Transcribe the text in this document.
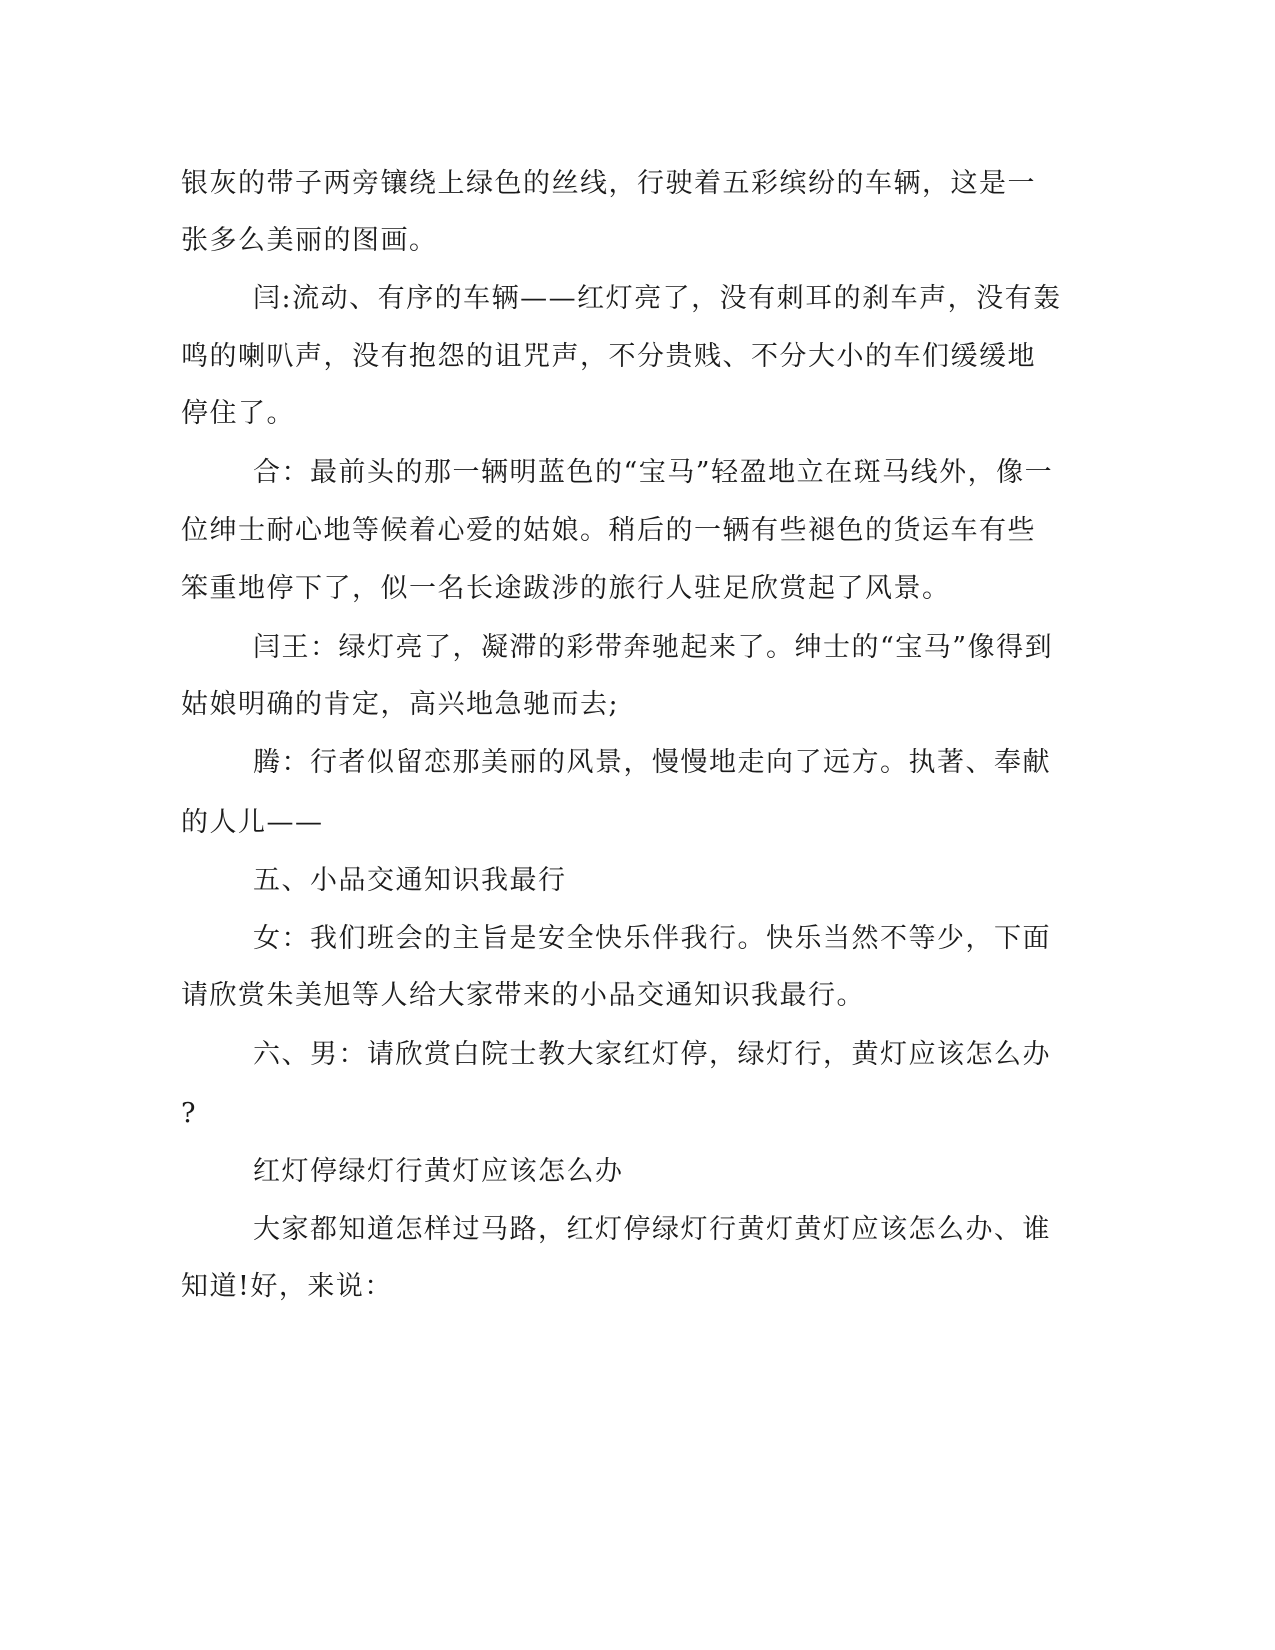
银灰的带子两旁镶绕上绿色的丝线，行驶着五彩缤纷的车辆，这是一
张多么美丽的图画。
闫:流动、有序的车辆——红灯亮了，没有刺耳的刹车声，没有轰
鸣的喇叭声，没有抱怨的诅咒声，不分贵贱、不分大小的车们缓缓地
停住了。
合：最前头的那一辆明蓝色的“宝马”轻盈地立在斑马线外，像一
位绅士耐心地等候着心爱的姑娘。稍后的一辆有些褪色的货运车有些
笨重地停下了，似一名长途跋涉的旅行人驻足欣赏起了风景。
闫王：绿灯亮了，凝滞的彩带奔驰起来了。绅士的“宝马”像得到
姑娘明确的肯定，高兴地急驰而去;
腾：行者似留恋那美丽的风景，慢慢地走向了远方。执著、奉献
的人儿——
五、小品交通知识我最行
女：我们班会的主旨是安全快乐伴我行。快乐当然不等少，下面
请欣赏朱美旭等人给大家带来的小品交通知识我最行。
六、男：请欣赏白院士教大家红灯停，绿灯行，黄灯应该怎么办
?
红灯停绿灯行黄灯应该怎么办
大家都知道怎样过马路，红灯停绿灯行黄灯黄灯应该怎么办、谁
知道!好，来说：
